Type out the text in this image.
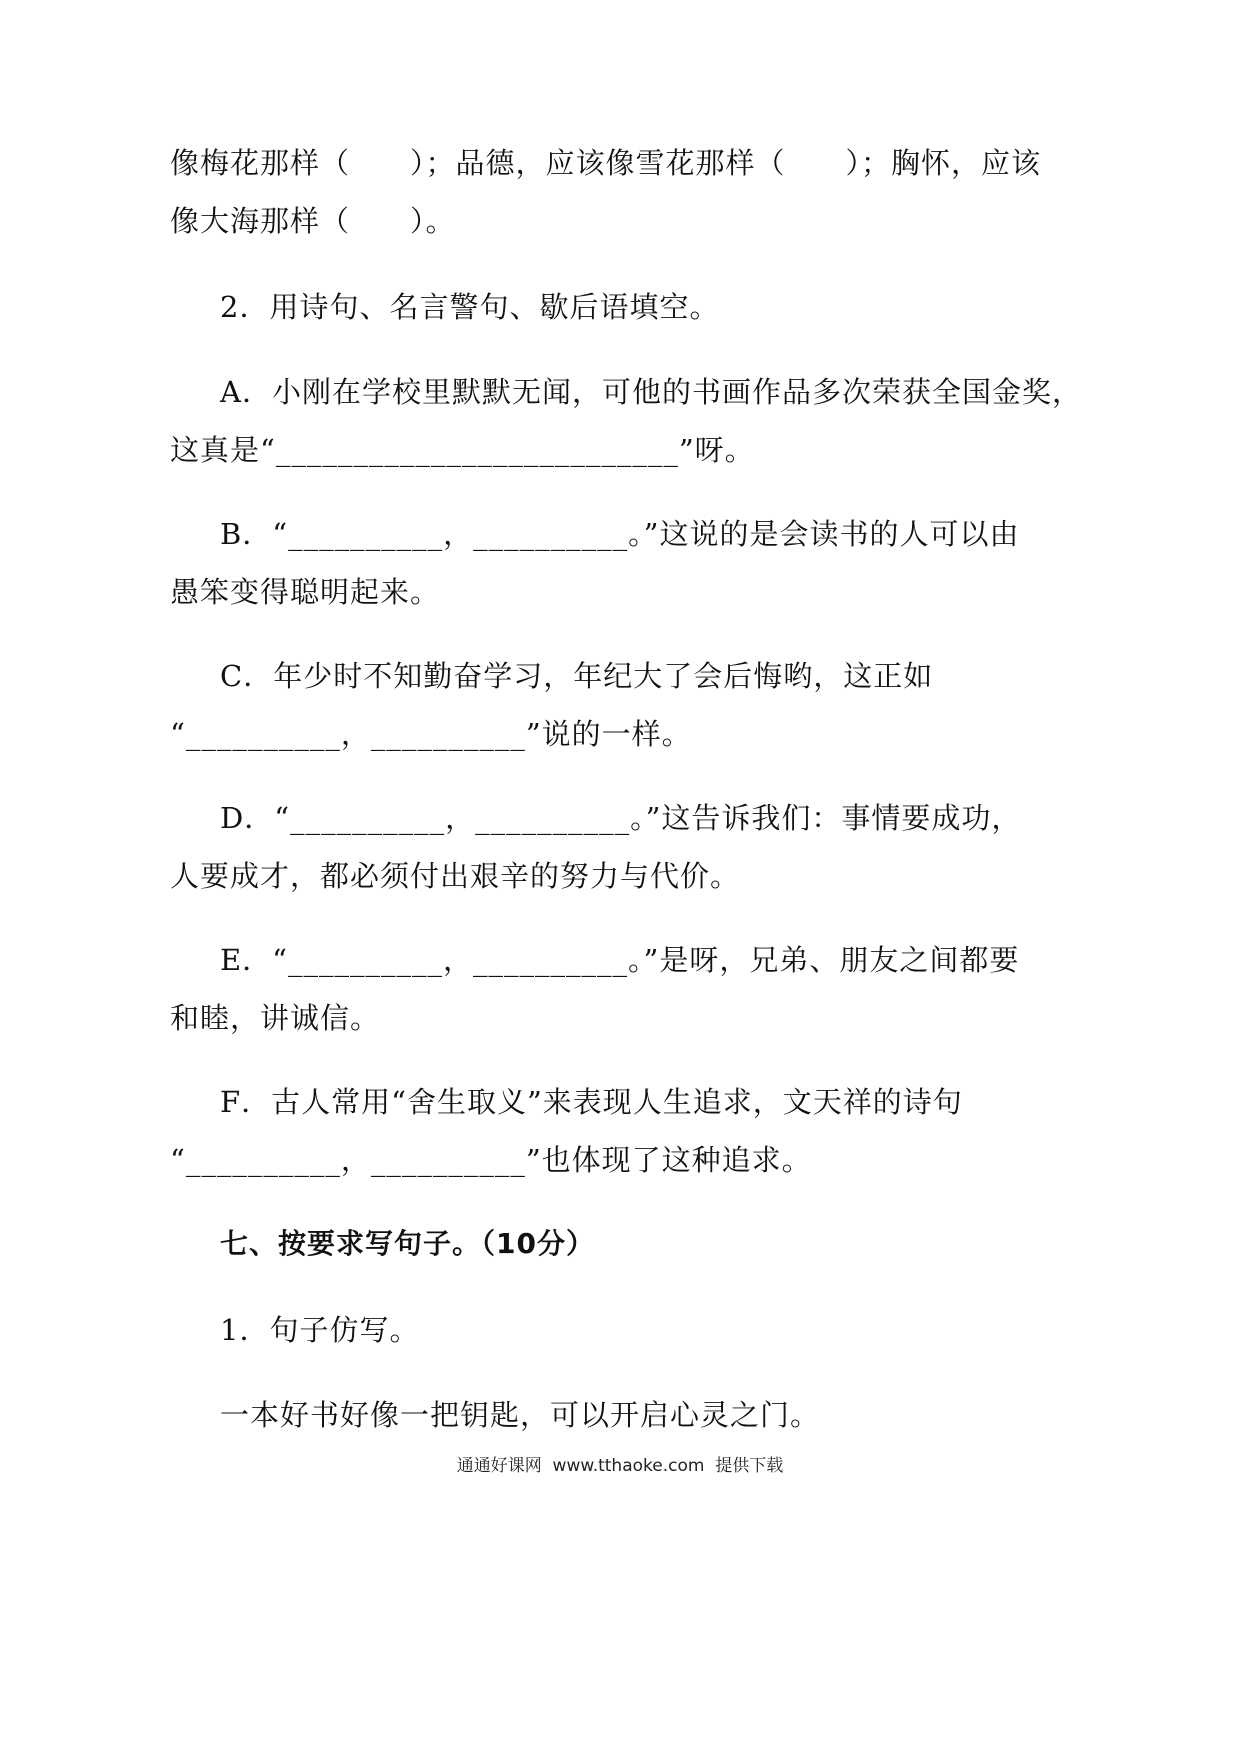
像梅花那样（　　）；品德，应该像雪花那样（　　）；胸怀，应该
像大海那样（　　）。
2．用诗句、名言警句、歇后语填空。
A．小刚在学校里默默无闻，可他的书画作品多次荣获全国金奖，
这真是“__________________________”呀。
B．“__________，__________。”这说的是会读书的人可以由
愚笨变得聪明起来。
C．年少时不知勤奋学习，年纪大了会后悔哟，这正如
“__________，__________”说的一样。
D．“__________，__________。”这告诉我们：事情要成功，
人要成才，都必须付出艰辛的努力与代价。
E．“__________，__________。”是呀，兄弟、朋友之间都要
和睦，讲诚信。
F．古人常用“舍生取义”来表现人生追求，文天祥的诗句
“__________，__________”也体现了这种追求。
七、按要求写句子。（10分）
1．句子仿写。
一本好书好像一把钥匙，可以开启心灵之门。
通通好课网  www.tthaoke.com  提供下载
